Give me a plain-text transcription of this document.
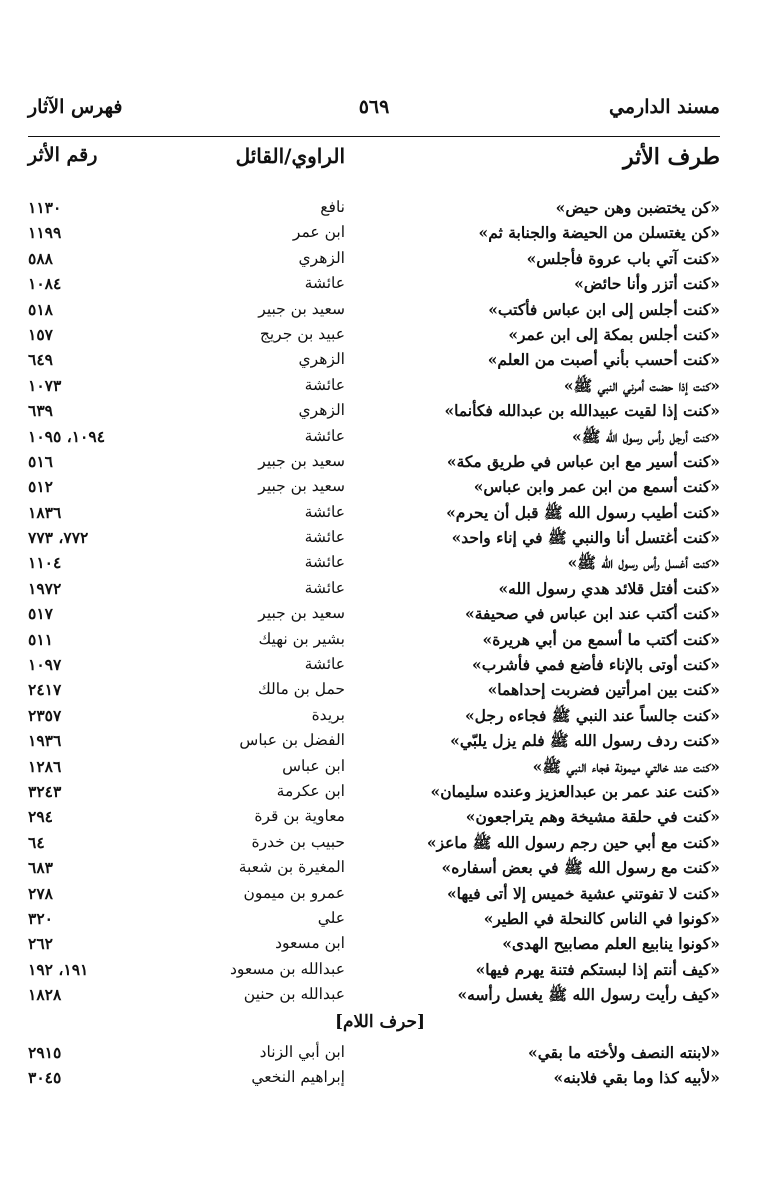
مسند الدارمي
٥٦٩
فهرس الآثار
طرف الأثر
الراوي/القائل
رقم الأثر
«كن يختضبن وهن حيض»
نافع
١١٣٠
«كن يغتسلن من الحيضة والجنابة ثم»
ابن عمر
١١٩٩
«كنت آتي باب عروة فأجلس»
الزهري
٥٨٨
«كنت أتزر وأنا حائض»
عائشة
١٠٨٤
«كنت أجلس إلى ابن عباس فأكتب»
سعيد بن جبير
٥١٨
«كنت أجلس بمكة إلى ابن عمر»
عبيد بن جريج
١٥٧
«كنت أحسب بأني أصبت من العلم»
الزهري
٦٤٩
«كنت إذا حضت أمرني النبي ﷺ»
عائشة
١٠٧٣
«كنت إذا لقيت عبيدالله بن عبدالله فكأنما»
الزهري
٦٣٩
«كنت أرجل رأس رسول الله ﷺ»
عائشة
١٠٩٤، ١٠٩٥
«كنت أسير مع ابن عباس في طريق مكة»
سعيد بن جبير
٥١٦
«كنت أسمع من ابن عمر وابن عباس»
سعيد بن جبير
٥١٢
«كنت أطيب رسول الله ﷺ قبل أن يحرم»
عائشة
١٨٣٦
«كنت أغتسل أنا والنبي ﷺ في إناء واحد»
عائشة
٧٧٢، ٧٧٣
«كنت أغسل رأس رسول الله ﷺ»
عائشة
١١٠٤
«كنت أفتل قلائد هدي رسول الله»
عائشة
١٩٧٢
«كنت أكتب عند ابن عباس في صحيفة»
سعيد بن جبير
٥١٧
«كنت أكتب ما أسمع من أبي هريرة»
بشير بن نهيك
٥١١
«كنت أوتى بالإناء فأضع فمي فأشرب»
عائشة
١٠٩٧
«كنت بين امرأتين فضربت إحداهما»
حمل بن مالك
٢٤١٧
«كنت جالساً عند النبي ﷺ فجاءه رجل»
بريدة
٢٣٥٧
«كنت ردف رسول الله ﷺ فلم يزل يلبّي»
الفضل بن عباس
١٩٣٦
«كنت عند خالتي ميمونة فجاء النبي ﷺ»
ابن عباس
١٢٨٦
«كنت عند عمر بن عبدالعزيز وعنده سليمان»
ابن عكرمة
٣٢٤٣
«كنت في حلقة مشيخة وهم يتراجعون»
معاوية بن قرة
٢٩٤
«كنت مع أبي حين رجم رسول الله ﷺ ماعز»
حبيب بن خدرة
٦٤
«كنت مع رسول الله ﷺ في بعض أسفاره»
المغيرة بن شعبة
٦٨٣
«كنت لا تفوتني عشية خميس إلا أتى فيها»
عمرو بن ميمون
٢٧٨
«كونوا في الناس كالنحلة في الطير»
علي
٣٢٠
«كونوا ينابيع العلم مصابيح الهدى»
ابن مسعود
٢٦٢
«كيف أنتم إذا لبستكم فتنة يهرم فيها»
عبدالله بن مسعود
١٩١، ١٩٢
«كيف رأيت رسول الله ﷺ يغسل رأسه»
عبدالله بن حنين
١٨٢٨
[حرف اللام]
«لابنته النصف ولأخته ما بقي»
ابن أبي الزناد
٢٩١٥
«لأبيه كذا وما بقي فلابنه»
إبراهيم النخعي
٣٠٤٥
